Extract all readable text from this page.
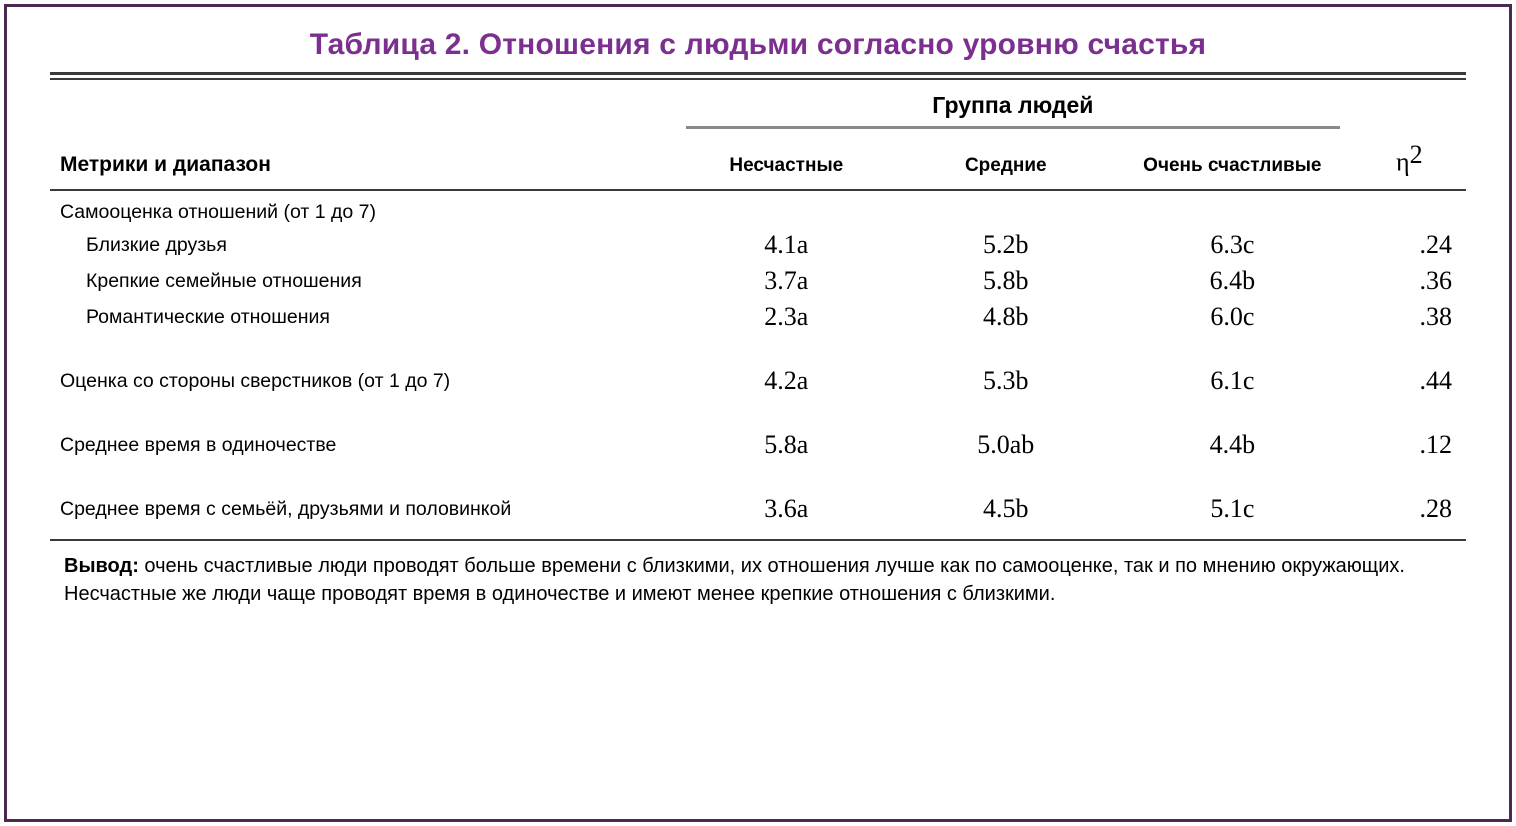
Таблица 2. Отношения с людьми согласно уровню счастья
	Группа людей			

Метрики и диапазон	Несчастные	Средние	Очень счастливые	$\eta^2$
Самооценка отношений (от 1 до 7)				
Близкие друзья	4.1a	5.2b	6.3c	.24
Крепкие семейные отношения	3.7a	5.8b	6.4b	.36
Романтические отношения	2.3a	4.8b	6.0c	.38

Оценка со стороны сверстников (от 1 до 7)	4.2a	5.3b	6.1c	.44

Среднее время в одиночестве	5.8a	5.0ab	4.4b	.12

Среднее время с семьёй, друзьями и половинкой	3.6a	4.5b	5.1c	.28

Вывод: очень счастливые люди проводят больше времени с близкими, их отношения лучше как по самооценке, так и по мнению окружающих. Несчастные же люди чаще проводят время в одиночестве и имеют менее крепкие отношения с близкими.
